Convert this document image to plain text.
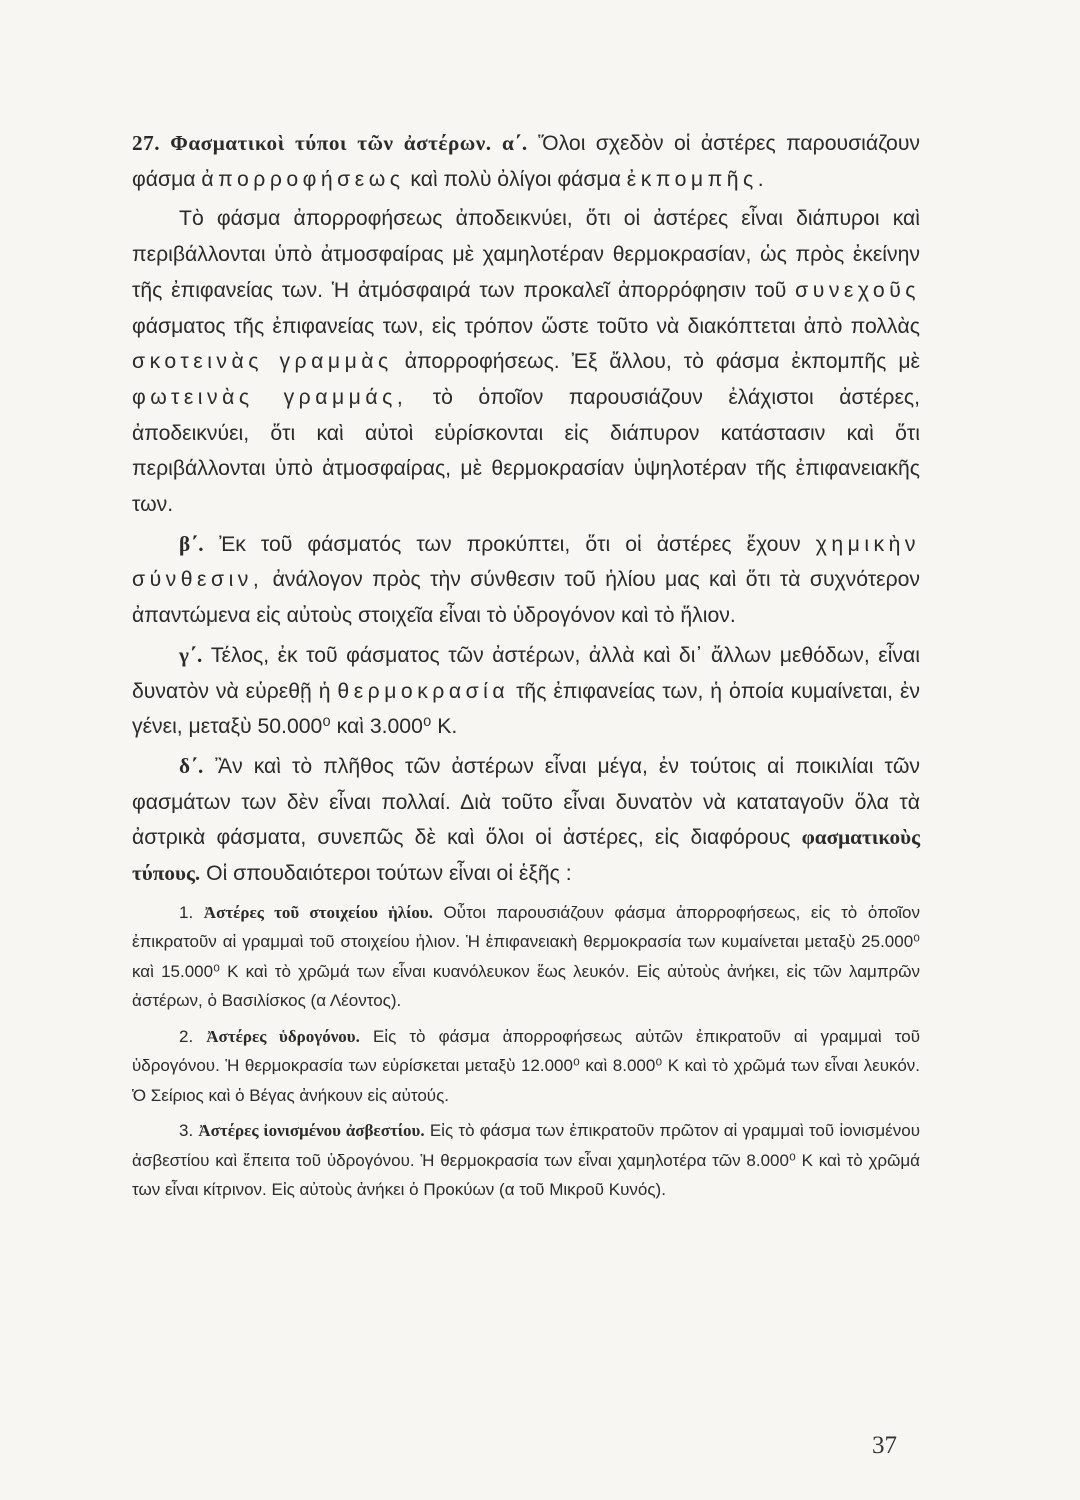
27. Φασματικοὶ τύποι τῶν ἀστέρων. α΄. Ὅλοι σχεδὸν οἱ ἀστέρες παρουσιάζουν φάσμα ἀπορροφήσεως καὶ πολὺ ὀλίγοι φάσμα ἐκπομπῆς.

Τὸ φάσμα ἀπορροφήσεως ἀποδεικνύει, ὅτι οἱ ἀστέρες εἶναι διάπυροι καὶ περιβάλλονται ὑπὸ ἀτμοσφαίρας μὲ χαμηλοτέραν θερμοκρασίαν, ὡς πρὸς ἐκείνην τῆς ἐπιφανείας των. Ἡ ἀτμόσφαιρά των προκαλεῖ ἀπορρόφησιν τοῦ συνεχοῦς φάσματος τῆς ἐπιφανείας των, εἰς τρόπον ὥστε τοῦτο νὰ διακόπτεται ἀπὸ πολλὰς σκοτεινὰς γραμμὰς ἀπορροφήσεως. Ἐξ ἄλλου, τὸ φάσμα ἐκπομπῆς μὲ φωτεινὰς γραμμάς, τὸ ὁποῖον παρουσιάζουν ἐλάχιστοι ἀστέρες, ἀποδεικνύει, ὅτι καὶ αὐτοὶ εὑρίσκονται εἰς διάπυρον κατάστασιν καὶ ὅτι περιβάλλονται ὑπὸ ἀτμοσφαίρας, μὲ θερμοκρασίαν ὑψηλοτέραν τῆς ἐπιφανειακῆς των.

β΄. Ἐκ τοῦ φάσματός των προκύπτει, ὅτι οἱ ἀστέρες ἔχουν χημικὴν σύνθεσιν, ἀνάλογον πρὸς τὴν σύνθεσιν τοῦ ἡλίου μας καὶ ὅτι τὰ συχνότερον ἀπαντώμενα εἰς αὐτοὺς στοιχεῖα εἶναι τὸ ὑδρογόνον καὶ τὸ ἥλιον.

γ΄. Τέλος, ἐκ τοῦ φάσματος τῶν ἀστέρων, ἀλλὰ καὶ δι᾽ ἄλλων μεθόδων, εἶναι δυνατὸν νὰ εὑρεθῇ ἡ θερμοκρασία τῆς ἐπιφανείας των, ἡ ὁποία κυμαίνεται, ἐν γένει, μεταξὺ 50.000⁰ καὶ 3.000⁰ Κ.

δ΄. Ἂν καὶ τὸ πλῆθος τῶν ἀστέρων εἶναι μέγα, ἐν τούτοις αἱ ποικιλίαι τῶν φασμάτων των δὲν εἶναι πολλαί. Διὰ τοῦτο εἶναι δυνατὸν νὰ καταταγοῦν ὅλα τὰ ἀστρικὰ φάσματα, συνεπῶς δὲ καὶ ὅλοι οἱ ἀστέρες, εἰς διαφόρους φασματικοὺς τύπους. Οἱ σπουδαιότεροι τούτων εἶναι οἱ ἑξῆς :

1. Ἀστέρες τοῦ στοιχείου ἡλίου. Οὗτοι παρουσιάζουν φάσμα ἀπορροφήσεως, εἰς τὸ ὁποῖον ἐπικρατοῦν αἱ γραμμαὶ τοῦ στοιχείου ἡλιον. Ἡ ἐπιφανειακὴ θερμοκρασία των κυμαίνεται μεταξὺ 25.000⁰ καὶ 15.000⁰ Κ καὶ τὸ χρῶμά των εἶναι κυανόλευκον ἕως λευκόν. Εἰς αὐτοὺς ἀνήκει, εἰς τῶν λαμπρῶν ἀστέρων, ὁ Βασιλίσκος (α Λέοντος).

2. Ἀστέρες ὑδρογόνου. Εἰς τὸ φάσμα ἀπορροφήσεως αὐτῶν ἐπικρατοῦν αἱ γραμμαὶ τοῦ ὑδρογόνου. Ἡ θερμοκρασία των εὑρίσκεται μεταξὺ 12.000⁰ καὶ 8.000⁰ Κ καὶ τὸ χρῶμά των εἶναι λευκόν. Ὁ Σείριος καὶ ὁ Βέγας ἀνήκουν εἰς αὐτούς.

3. Ἀστέρες ἰονισμένου ἀσβεστίου. Εἰς τὸ φάσμα των ἐπικρατοῦν πρῶτον αἱ γραμμαὶ τοῦ ἰονισμένου ἀσβεστίου καὶ ἔπειτα τοῦ ὑδρογόνου. Ἡ θερμοκρασία των εἶναι χαμηλοτέρα τῶν 8.000⁰ Κ καὶ τὸ χρῶμά των εἶναι κίτρινον. Εἰς αὐτοὺς ἀνήκει ὁ Προκύων (α τοῦ Μικροῦ Κυνός).

37
